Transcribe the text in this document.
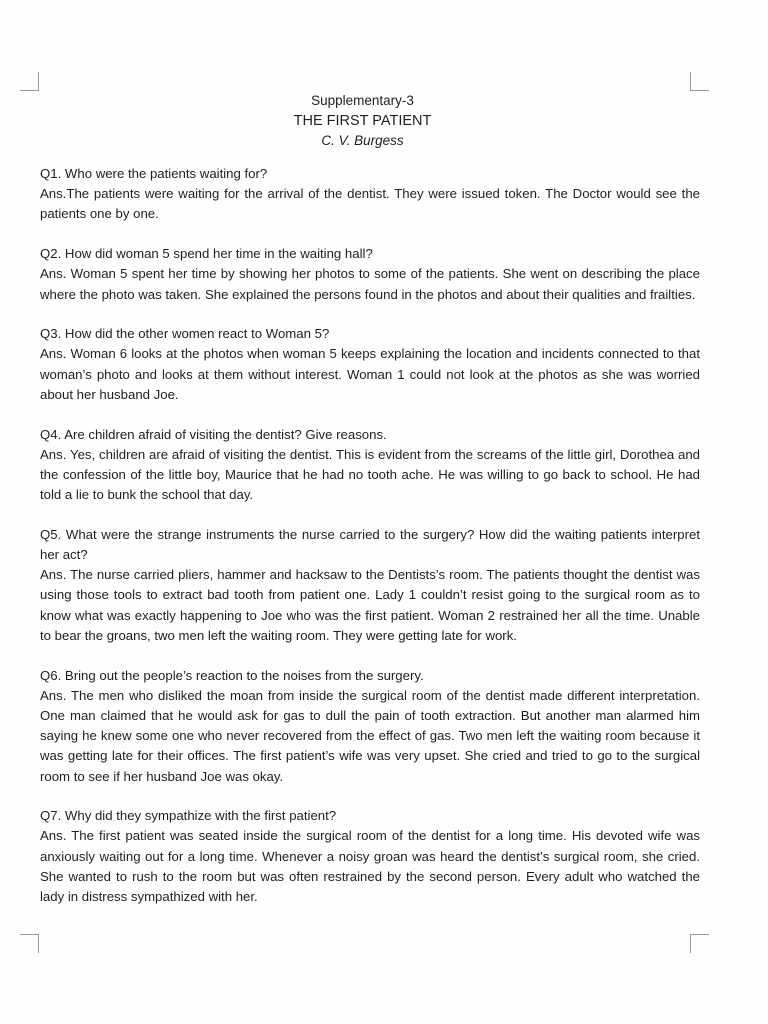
Supplementary-3
THE FIRST PATIENT
C. V. Burgess

Q1. Who were the patients waiting for?

Ans.The patients were waiting for the arrival of the dentist. They were issued token. The Doctor would see the patients one by one.

Q2. How did woman 5 spend her time in the waiting hall?

Ans. Woman 5 spent her time by showing her photos to some of the patients. She went on describing the place where the photo was taken. She explained the persons found in the photos and about their qualities and frailties.

Q3. How did the other women react to Woman 5?

Ans. Woman 6 looks at the photos when woman 5 keeps explaining the location and incidents connected to that woman’s photo and looks at them without interest. Woman 1 could not look at the photos as she was worried about her husband Joe.

Q4. Are children afraid of visiting the dentist? Give reasons.

Ans. Yes, children are afraid of visiting the dentist. This is evident from the screams of the little girl, Dorothea and the confession of the little boy, Maurice that he had no tooth ache. He was willing to go back to school. He had told a lie to bunk the school that day.

Q5. What were the strange instruments the nurse carried to the surgery? How did the waiting patients interpret her act?

Ans. The nurse carried pliers, hammer and hacksaw to the Dentists’s room. The patients thought the dentist was using those tools to extract bad tooth from patient one. Lady 1 couldn’t resist going to the surgical room as to know what was exactly happening to Joe who was the first patient. Woman 2 restrained her all the time. Unable to bear the groans, two men left the waiting room. They were getting late for work.

Q6. Bring out the people’s reaction to the noises from the surgery.

Ans. The men who disliked the moan from inside the surgical room of the dentist made different interpretation. One man claimed that he would ask for gas to dull the pain of tooth extraction. But another man alarmed him saying he knew some one who never recovered from the effect of gas. Two men left the waiting room because it was getting late for their offices. The first patient’s wife was very upset. She cried and tried to go to the surgical room to see if her husband Joe was okay.

Q7. Why did they sympathize with the first patient?

Ans. The first patient was seated inside the surgical room of the dentist for a long time. His devoted wife was anxiously waiting out for a long time. Whenever a noisy groan was heard the dentist’s surgical room, she cried. She wanted to rush to the room but was often restrained by the second person. Every adult who watched the lady in distress sympathized with her.
